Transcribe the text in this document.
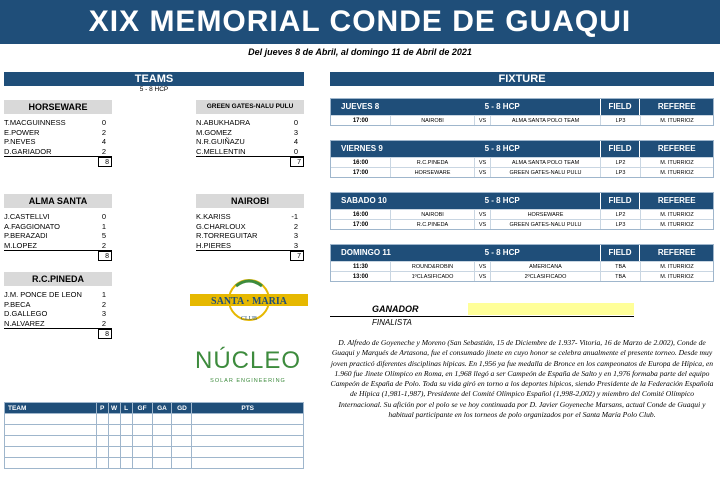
XIX MEMORIAL CONDE DE GUAQUI
Del jueves 8 de Abril, al domingo 11 de Abril de 2021
TEAMS
5 - 8 HCP
HORSEWARE
T.MACGUINNESS	0
E.POWER	2
P.NEVES	4
D.GARIADOR	2
8
GREEN GATES-NALU PULU
N.ABUKHADRA	0
M.GOMEZ	3
N.R.GUIÑAZU	4
C.MELLENTIN	0
7
ALMA SANTA
J.CASTELLVI	0
A.FAGGIONATO	1
P.BERAZADI	5
M.LOPEZ	2
8
NAIROBI
K.KARISS	-1
G.CHARLOUX	2
R.TORREGUITAR	3
H.PIERES	3
7
R.C.PINEDA
J.M. PONCE DE LEON	1
P.BECA	2
D.GALLEGO	3
N.ALVAREZ	2
8
SANTA · MARIA
CLUB
NÚCLEO
SOLAR ENGINEERING
TEAM	P	W	L	GF	GA	GD	PTS

FIXTURE
JUEVES 8	5 - 8 HCP	FIELD	REFEREE
17:00	NAIROBI	VS	ALMA SANTA POLO TEAM	LP3	M. ITURRIOZ
VIERNES 9	5 - 8 HCP	FIELD	REFEREE
16:00	R.C.PINEDA	VS	ALMA SANTA POLO TEAM	LP2	M. ITURRIOZ
17:00	HORSEWARE	VS	GREEN GATES-NALU PULU	LP3	M. ITURRIOZ
SABADO 10	5 - 8 HCP	FIELD	REFEREE
16:00	NAIROBI	VS	HORSEWARE	LP2	M. ITURRIOZ
17:00	R.C.PINEDA	VS	GREEN GATES-NALU PULU	LP3	M. ITURRIOZ
DOMINGO 11	5 - 8 HCP	FIELD	REFEREE
11:30	ROUND&ROBIN	VS	AMERICANA	TBA	M. ITURRIOZ
13:00	1ºCLASIFICADO	VS	2ºCLASIFICADO	TBA	M. ITURRIOZ
GANADOR
FINALISTA
D. Alfredo de Goyeneche y Moreno (San Sebastián, 15 de Diciembre de 1.937- Vitoria, 16 de Marzo de 2.002), Conde de Guaqui y Marqués de Artasona, fue el consumado jinete en cuyo honor se celebra anualmente el presente torneo. Desde muy joven practicó diferentes disciplinas hípicas. En 1,956 ya fue medalla de Bronce en los campeonatos de Europa de Hípica, en 1.960 fue Jinete Olímpico en Roma, en 1,968 llegó a ser Campeón de España de Salto y en 1,976 formaba parte del equipo Campeón de España de Polo. Toda su vida giró en torno a los deportes hípicos, siendo Presidente de la Federación Española de Hípica (1,981-1,987), Presidente del Comité Olímpico Español (1,998-2,002) y miembro del Comité Olímpico Internacional. Su afición por el polo se ve hoy continuada por D. Javier Goyeneche Marsans, actual Conde de Guaqui y habitual participante en los torneos de polo organizados por el Santa María Polo Club.
